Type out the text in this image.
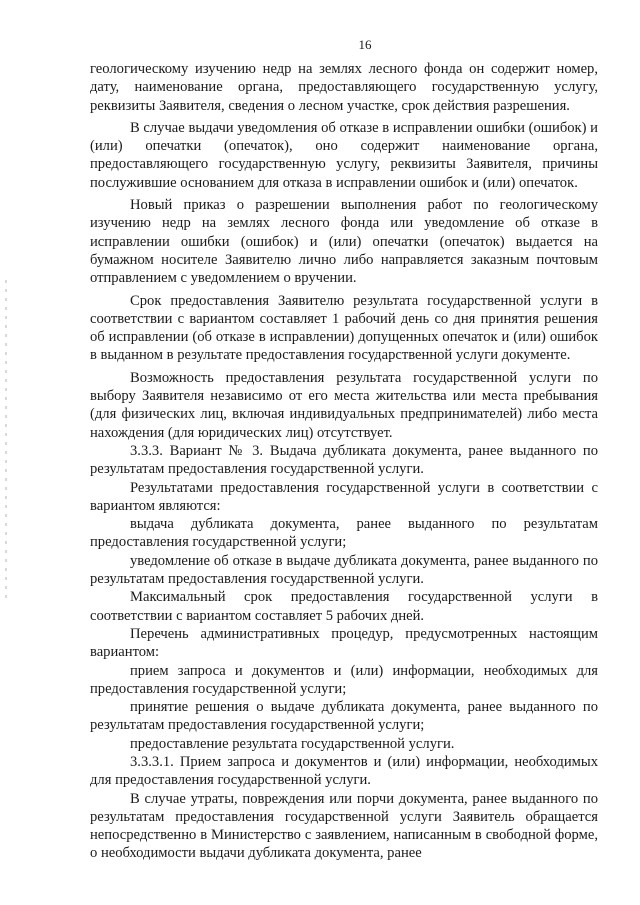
16

геологическому изучению недр на землях лесного фонда он содержит номер, дату, наименование органа, предоставляющего государственную услугу, реквизиты Заявителя, сведения о лесном участке, срок действия разрешения.

В случае выдачи уведомления об отказе в исправлении ошибки (ошибок) и (или) опечатки (опечаток), оно содержит наименование органа, предоставляющего государственную услугу, реквизиты Заявителя, причины послужившие основанием для отказа в исправлении ошибок и (или) опечаток.

Новый приказ о разрешении выполнения работ по геологическому изучению недр на землях лесного фонда или уведомление об отказе в исправлении ошибки (ошибок) и (или) опечатки (опечаток) выдается на бумажном носителе Заявителю лично либо направляется заказным почтовым отправлением с уведомлением о вручении.

Срок предоставления Заявителю результата государственной услуги в соответствии с вариантом составляет 1 рабочий день со дня принятия решения об исправлении (об отказе в исправлении) допущенных опечаток и (или) ошибок в выданном в результате предоставления государственной услуги документе.

Возможность предоставления результата государственной услуги по выбору Заявителя независимо от его места жительства или места пребывания (для физических лиц, включая индивидуальных предпринимателей) либо места нахождения (для юридических лиц) отсутствует.

3.3.3. Вариант № 3. Выдача дубликата документа, ранее выданного по результатам предоставления государственной услуги.

Результатами предоставления государственной услуги в соответствии с вариантом являются:

выдача дубликата документа, ранее выданного по результатам предоставления государственной услуги;

уведомление об отказе в выдаче дубликата документа, ранее выданного по результатам предоставления государственной услуги.

Максимальный срок предоставления государственной услуги в соответствии с вариантом составляет 5 рабочих дней.

Перечень административных процедур, предусмотренных настоящим вариантом:

прием запроса и документов и (или) информации, необходимых для предоставления государственной услуги;

принятие решения о выдаче дубликата документа, ранее выданного по результатам предоставления государственной услуги;

предоставление результата государственной услуги.

3.3.3.1. Прием запроса и документов и (или) информации, необходимых для предоставления государственной услуги.

В случае утраты, повреждения или порчи документа, ранее выданного по результатам предоставления государственной услуги Заявитель обращается непосредственно в Министерство с заявлением, написанным в свободной форме, о необходимости выдачи дубликата документа, ранее
